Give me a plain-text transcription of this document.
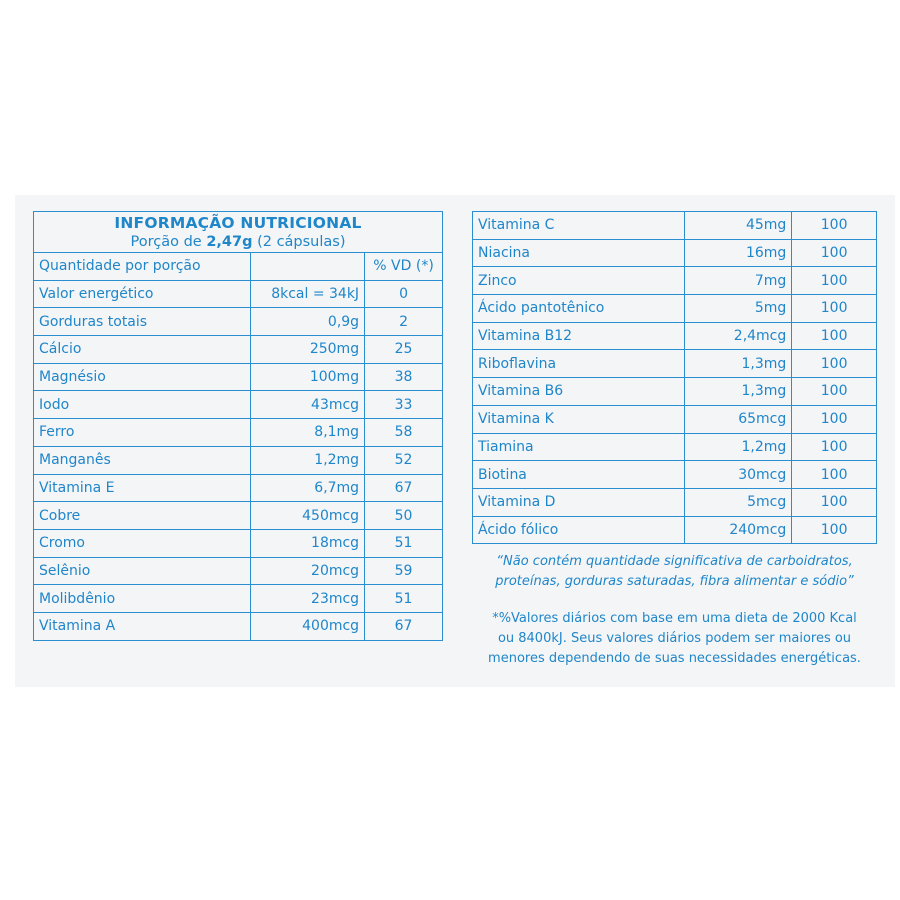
INFORMAÇÃO NUTRICIONAL
Porção de 2,47g (2 cápsulas)		

Quantidade por porção		% VD (*)
Valor energético	8kcal = 34kJ	0
Gorduras totais	0,9g	2
Cálcio	250mg	25
Magnésio	100mg	38
Iodo	43mcg	33
Ferro	8,1mg	58
Manganês	1,2mg	52
Vitamina E	6,7mg	67
Cobre	450mcg	50
Cromo	18mcg	51
Selênio	20mcg	59
Molibdênio	23mcg	51
Vitamina A	400mcg	67
Vitamina C	45mg	100
Niacina	16mg	100
Zinco	7mg	100
Ácido pantotênico	5mg	100
Vitamina B12	2,4mcg	100
Riboflavina	1,3mg	100
Vitamina B6	1,3mg	100
Vitamina K	65mcg	100
Tiamina	1,2mg	100
Biotina	30mcg	100
Vitamina D	5mcg	100
Ácido fólico	240mcg	100
“Não contém quantidade significativa de carboidratos,
proteínas, gorduras saturadas, fibra alimentar e sódio”
*%Valores diários com base em uma dieta de 2000 Kcal
ou 8400kJ. Seus valores diários podem ser maiores ou
menores dependendo de suas necessidades energéticas.
